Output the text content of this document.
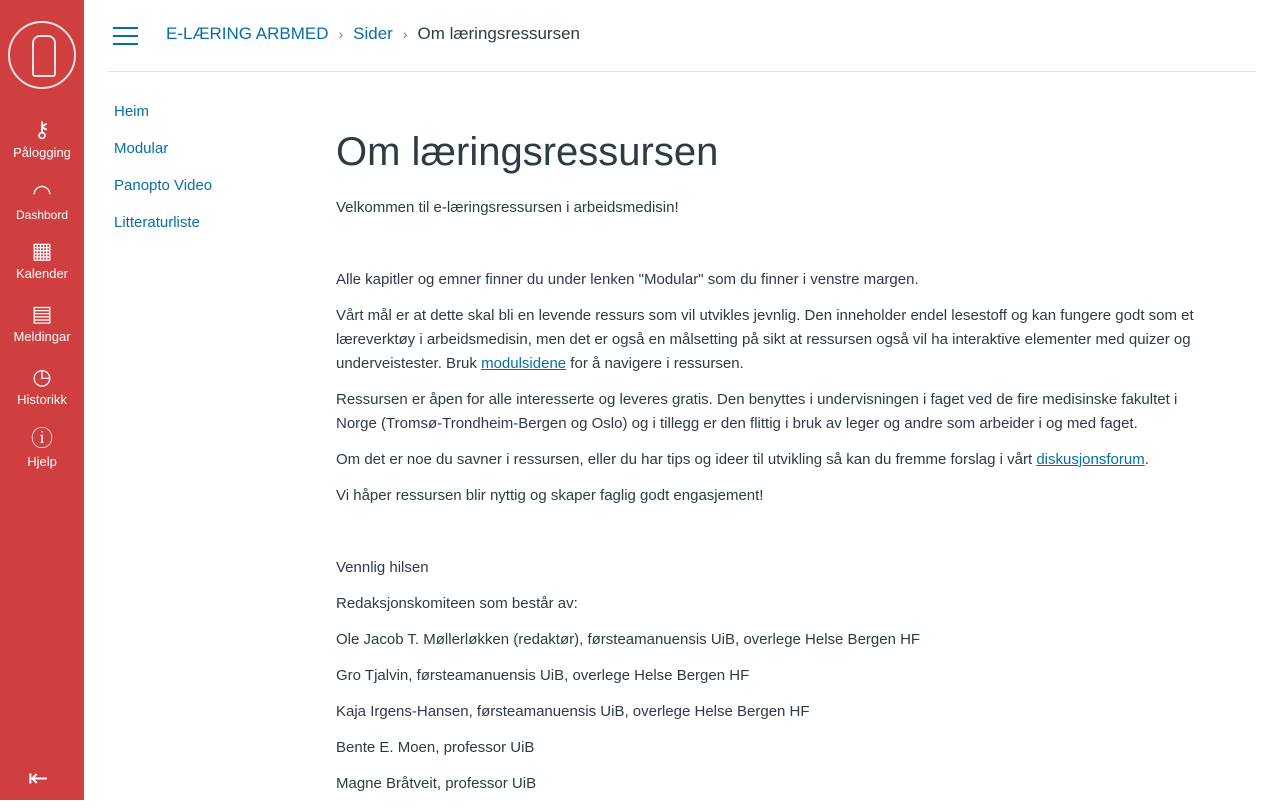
⚷
Pålogging
◠
Dashbord
▦
Kalender
▤
Meldingar
◷
Historikk
ⓘ
Hjelp
⇤
E-LÆRING ARBMED › Sider › Om læringsressursen
Heim
Modular
Panopto Video
Litteraturliste
Om læringsressursen

Velkommen til e-læringsressursen i arbeidsmedisin!

Alle kapitler og emner finner du under lenken "Modular" som du finner i venstre margen.

Vårt mål er at dette skal bli en levende ressurs som vil utvikles jevnlig. Den inneholder endel lesestoff og kan fungere godt som et læreverktøy i arbeidsmedisin, men det er også en målsetting på sikt at ressursen også vil ha interaktive elementer med quizer og underveistester. Bruk modulsidene for å navigere i ressursen.

Ressursen er åpen for alle interesserte og leveres gratis. Den benyttes i undervisningen i faget ved de fire medisinske fakultet i Norge (Tromsø-Trondheim-Bergen og Oslo) og i tillegg er den flittig i bruk av leger og andre som arbeider i og med faget.

Om det er noe du savner i ressursen, eller du har tips og ideer til utvikling så kan du fremme forslag i vårt diskusjonsforum.

Vi håper ressursen blir nyttig og skaper faglig godt engasjement!

Vennlig hilsen

Redaksjonskomiteen som består av:

Ole Jacob T. Møllerløkken (redaktør), førsteamanuensis UiB, overlege Helse Bergen HF

Gro Tjalvin, førsteamanuensis UiB, overlege Helse Bergen HF

Kaja Irgens-Hansen, førsteamanuensis UiB, overlege Helse Bergen HF

Bente E. Moen, professor UiB

Magne Bråtveit, professor UiB
